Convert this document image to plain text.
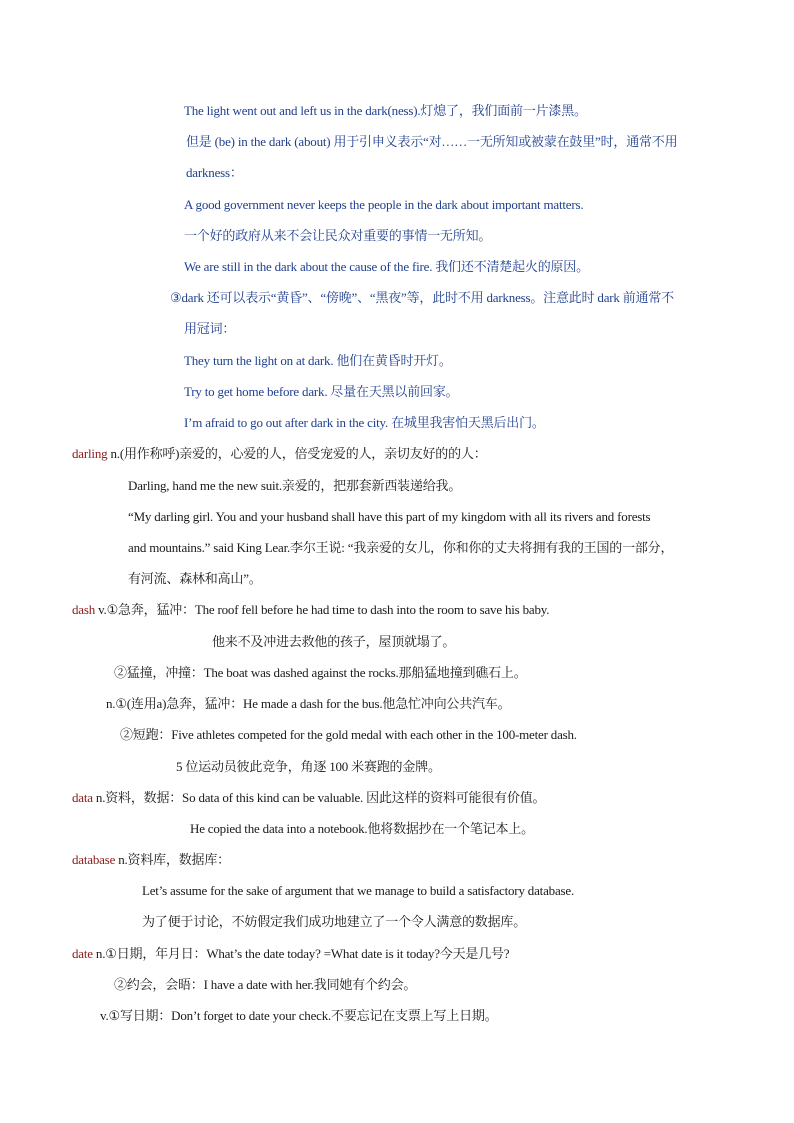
The light went out and left us in the dark(ness).灯熄了，我们面前一片漆黑。
但是 (be) in the dark (about) 用于引申义表示“对……一无所知或被蒙在鼓里”时，通常不用
darkness：
A good government never keeps the people in the dark about important matters.
一个好的政府从来不会让民众对重要的事情一无所知。
We are still in the dark about the cause of the fire. 我们还不清楚起火的原因。
③dark 还可以表示“黄昏”、“傍晚”、“黑夜”等，此时不用 darkness。注意此时 dark 前通常不
用冠词：
They turn the light on at dark. 他们在黄昏时开灯。
Try to get home before dark. 尽量在天黑以前回家。
I’m afraid to go out after dark in the city. 在城里我害怕天黑后出门。
darling n.(用作称呼)亲爱的，心爱的人，倍受宠爱的人，亲切友好的的人：
Darling, hand me the new suit.亲爱的，把那套新西装递给我。
“My darling girl. You and your husband shall have this part of my kingdom with all its rivers and forests
and mountains.” said King Lear.李尔王说: “我亲爱的女儿，你和你的丈夫将拥有我的王国的一部分，
有河流、森林和高山”。
dash v.①急奔，猛冲：The roof fell before he had time to dash into the room to save his baby.
他来不及冲进去救他的孩子，屋顶就塌了。
②猛撞，冲撞：The boat was dashed against the rocks.那船猛地撞到礁石上。
n.①(连用a)急奔，猛冲：He made a dash for the bus.他急忙冲向公共汽车。
②短跑：Five athletes competed for the gold medal with each other in the 100-meter dash.
5 位运动员彼此竞争，角逐 100 米赛跑的金牌。
data n.资料，数据：So data of this kind can be valuable. 因此这样的资料可能很有价值。
He copied the data into a notebook.他将数据抄在一个笔记本上。
database n.资料库，数据库：
Let’s assume for the sake of argument that we manage to build a satisfactory database.
为了便于讨论，不妨假定我们成功地建立了一个令人满意的数据库。
date n.①日期，年月日：What’s the date today? =What date is it today?今天是几号?
②约会，会晤：I have a date with her.我同她有个约会。
v.①写日期：Don’t forget to date your check.不要忘记在支票上写上日期。
